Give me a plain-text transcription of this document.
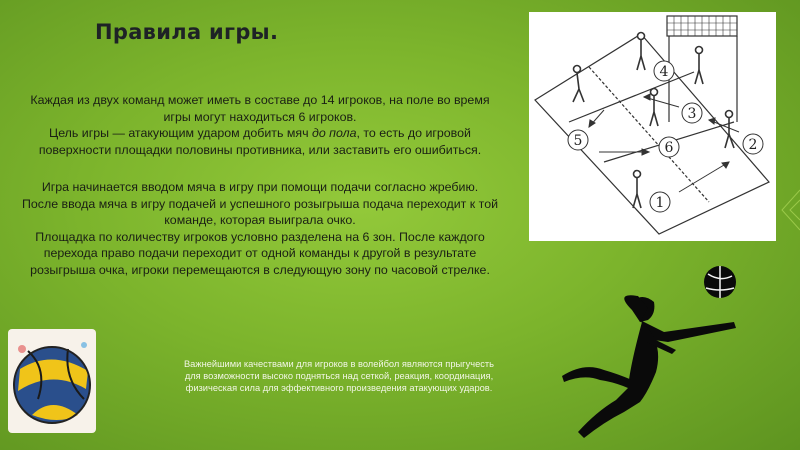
Правила игры.

Каждая из двух команд может иметь в составе до 14 игроков, на поле во время игры могут находиться 6 игроков.

Цель игры — атакующим ударом добить мяч до пола, то есть до игровой поверхности площадки половины противника, или заставить его ошибиться.

Игра начинается вводом мяча в игру при помощи подачи согласно жребию.

После ввода мяча в игру подачей и успешного розыгрыша подача переходит к той команде, которая выиграла очко.

Площадка по количеству игроков условно разделена на 6 зон. После каждого перехода право подачи переходит от одной команды к другой в результате розыгрыша очка, игроки перемещаются в следующую зону по часовой стрелке.

Важнейшими качествами для игроков в волейбол являются прыгучесть для возможности высоко подняться над сеткой, реакция, координация, физическая сила для эффективного произведения атакующих ударов.
1
2
3
4
5	6
